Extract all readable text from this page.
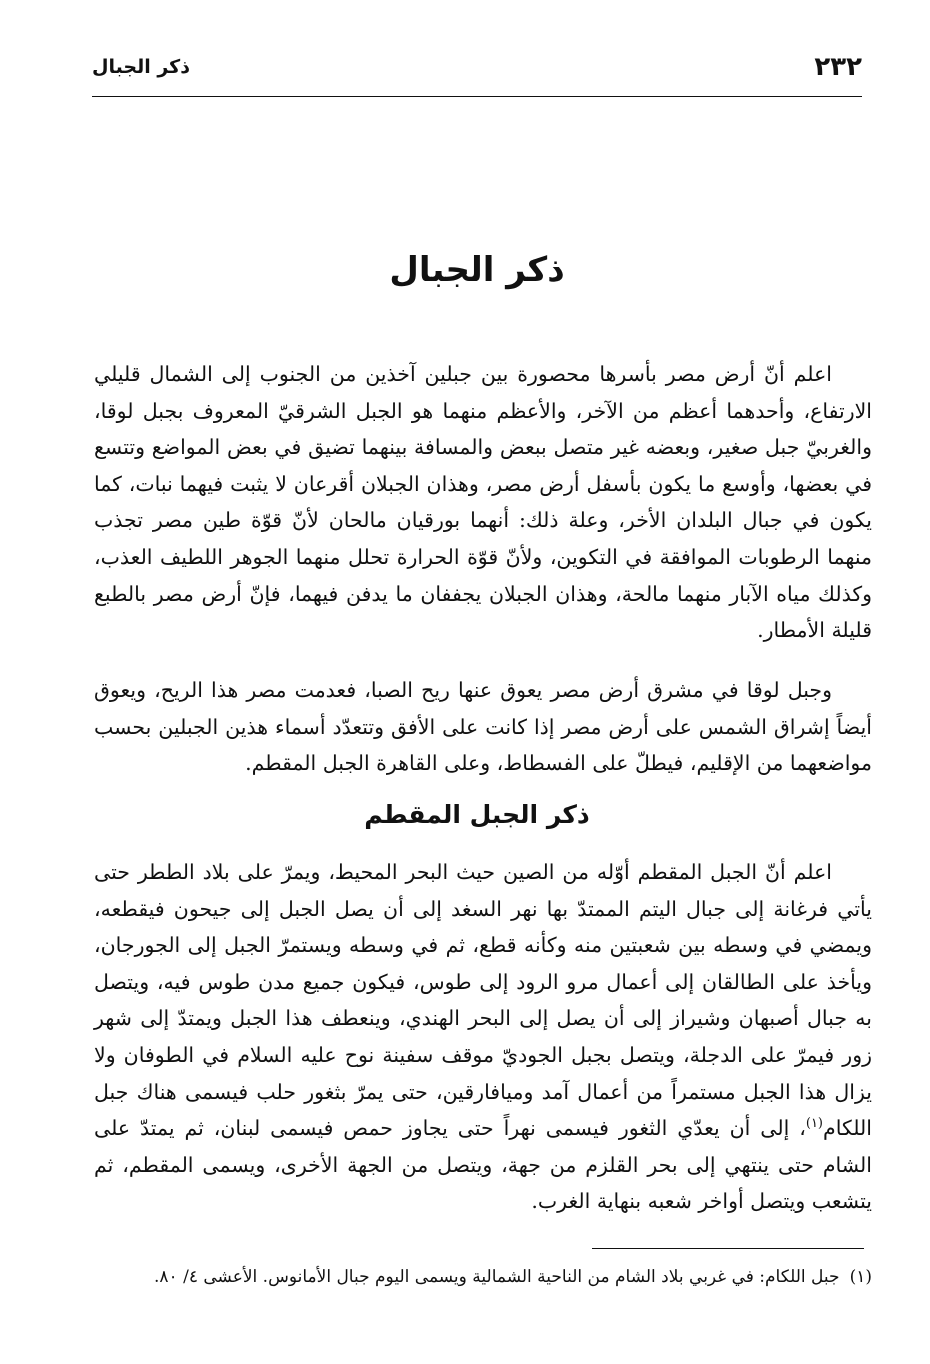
٢٣٢
ذكر الجبال
ذكر الجبال

اعلم أنّ أرض مصر بأسرها محصورة بين جبلين آخذين من الجنوب إلى الشمال قليلي الارتفاع، وأحدهما أعظم من الآخر، والأعظم منهما هو الجبل الشرقيّ المعروف بجبل لوقا، والغربيّ جبل صغير، وبعضه غير متصل ببعض والمسافة بينهما تضيق في بعض المواضع وتتسع في بعضها، وأوسع ما يكون بأسفل أرض مصر، وهذان الجبلان أقرعان لا يثبت فيهما نبات، كما يكون في جبال البلدان الأخر، وعلة ذلك: أنهما بورقيان مالحان لأنّ قوّة طين مصر تجذب منهما الرطوبات الموافقة في التكوين، ولأنّ قوّة الحرارة تحلل منهما الجوهر اللطيف العذب، وكذلك مياه الآبار منهما مالحة، وهذان الجبلان يجففان ما يدفن فيهما، فإنّ أرض مصر بالطبع قليلة الأمطار.

وجبل لوقا في مشرق أرض مصر يعوق عنها ريح الصبا، فعدمت مصر هذا الريح، ويعوق أيضاً إشراق الشمس على أرض مصر إذا كانت على الأفق وتتعدّد أسماء هذين الجبلين بحسب مواضعهما من الإقليم، فيطلّ على الفسطاط، وعلى القاهرة الجبل المقطم.

ذكر الجبل المقطم

اعلم أنّ الجبل المقطم أوّله من الصين حيث البحر المحيط، ويمرّ على بلاد الططر حتى يأتي فرغانة إلى جبال اليتم الممتدّ بها نهر السغد إلى أن يصل الجبل إلى جيحون فيقطعه، ويمضي في وسطه بين شعبتين منه وكأنه قطع، ثم في وسطه ويستمرّ الجبل إلى الجورجان، ويأخذ على الطالقان إلى أعمال مرو الرود إلى طوس، فيكون جميع مدن طوس فيه، ويتصل به جبال أصبهان وشيراز إلى أن يصل إلى البحر الهندي، وينعطف هذا الجبل ويمتدّ إلى شهر زور فيمرّ على الدجلة، ويتصل بجبل الجوديّ موقف سفينة نوح عليه السلام في الطوفان ولا يزال هذا الجبل مستمراً من أعمال آمد وميافارقين، حتى يمرّ بثغور حلب فيسمى هناك جبل اللكام$^{(١)}$، إلى أن يعدّي الثغور فيسمى نهراً حتى يجاوز حمص فيسمى لبنان، ثم يمتدّ على الشام حتى ينتهي إلى بحر القلزم من جهة، ويتصل من الجهة الأخرى، ويسمى المقطم، ثم يتشعب ويتصل أواخر شعبه بنهاية الغرب.

(١)جبل اللكام: في غربي بلاد الشام من الناحية الشمالية ويسمى اليوم جبال الأمانوس. الأعشى ٤/ ٨٠.
